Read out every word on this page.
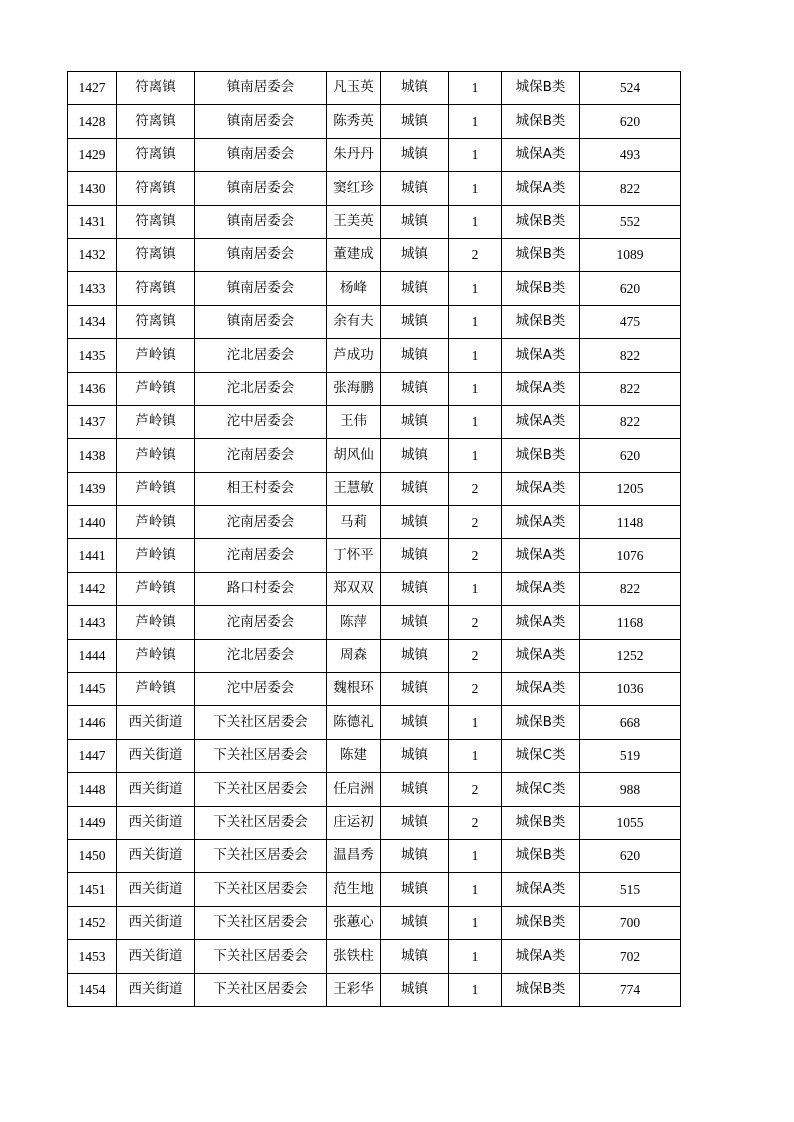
1427	符离镇	镇南居委会	凡玉英	城镇	1	城保B类	524
1428	符离镇	镇南居委会	陈秀英	城镇	1	城保B类	620
1429	符离镇	镇南居委会	朱丹丹	城镇	1	城保A类	493
1430	符离镇	镇南居委会	窦红珍	城镇	1	城保A类	822
1431	符离镇	镇南居委会	王美英	城镇	1	城保B类	552
1432	符离镇	镇南居委会	董建成	城镇	2	城保B类	1089
1433	符离镇	镇南居委会	杨峰	城镇	1	城保B类	620
1434	符离镇	镇南居委会	余有夫	城镇	1	城保B类	475
1435	芦岭镇	沱北居委会	芦成功	城镇	1	城保A类	822
1436	芦岭镇	沱北居委会	张海鹏	城镇	1	城保A类	822
1437	芦岭镇	沱中居委会	王伟	城镇	1	城保A类	822
1438	芦岭镇	沱南居委会	胡风仙	城镇	1	城保B类	620
1439	芦岭镇	相王村委会	王慧敏	城镇	2	城保A类	1205
1440	芦岭镇	沱南居委会	马莉	城镇	2	城保A类	1148
1441	芦岭镇	沱南居委会	丁怀平	城镇	2	城保A类	1076
1442	芦岭镇	路口村委会	郑双双	城镇	1	城保A类	822
1443	芦岭镇	沱南居委会	陈萍	城镇	2	城保A类	1168
1444	芦岭镇	沱北居委会	周森	城镇	2	城保A类	1252
1445	芦岭镇	沱中居委会	魏根环	城镇	2	城保A类	1036
1446	西关街道	下关社区居委会	陈德礼	城镇	1	城保B类	668
1447	西关街道	下关社区居委会	陈建	城镇	1	城保C类	519
1448	西关街道	下关社区居委会	任启洲	城镇	2	城保C类	988
1449	西关街道	下关社区居委会	庄运初	城镇	2	城保B类	1055
1450	西关街道	下关社区居委会	温昌秀	城镇	1	城保B类	620
1451	西关街道	下关社区居委会	范生地	城镇	1	城保A类	515
1452	西关街道	下关社区居委会	张蕙心	城镇	1	城保B类	700
1453	西关街道	下关社区居委会	张铁柱	城镇	1	城保A类	702
1454	西关街道	下关社区居委会	王彩华	城镇	1	城保B类	774
